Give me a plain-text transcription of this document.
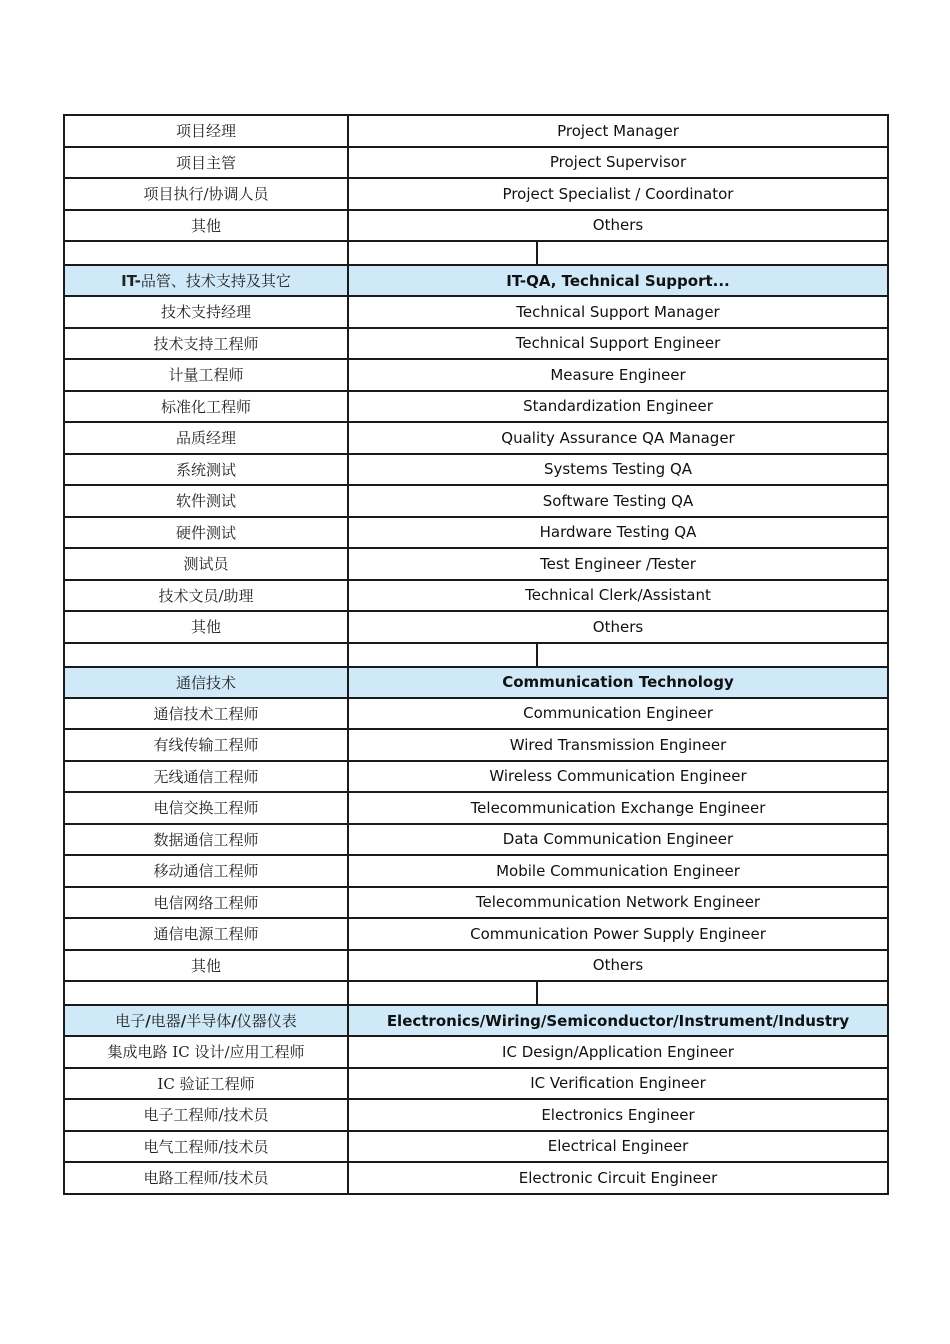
项目经理	Project Manager	
项目主管	Project Supervisor	
项目执行/协调人员	Project Specialist / Coordinator	
其他	Others	

IT-品管、技术支持及其它	IT-QA, Technical Support...	
技术支持经理	Technical Support Manager	
技术支持工程师	Technical Support Engineer	
计量工程师	Measure Engineer	
标准化工程师	Standardization Engineer	
品质经理	Quality Assurance QA Manager	
系统测试	Systems Testing QA	
软件测试	Software Testing QA	
硬件测试	Hardware Testing QA	
测试员	Test Engineer /Tester	
技术文员/助理	Technical Clerk/Assistant	
其他	Others	

通信技术	Communication Technology	
通信技术工程师	Communication Engineer	
有线传输工程师	Wired Transmission Engineer	
无线通信工程师	Wireless Communication Engineer	
电信交换工程师	Telecommunication Exchange Engineer	
数据通信工程师	Data Communication Engineer	
移动通信工程师	Mobile Communication Engineer	
电信网络工程师	Telecommunication Network Engineer	
通信电源工程师	Communication Power Supply Engineer	
其他	Others	

电子/电器/半导体/仪器仪表	Electronics/Wiring/Semiconductor/Instrument/Industry	
集成电路 IC 设计/应用工程师	IC Design/Application Engineer	
IC 验证工程师	IC Verification Engineer	
电子工程师/技术员	Electronics Engineer	
电气工程师/技术员	Electrical Engineer	
电路工程师/技术员	Electronic Circuit Engineer	
